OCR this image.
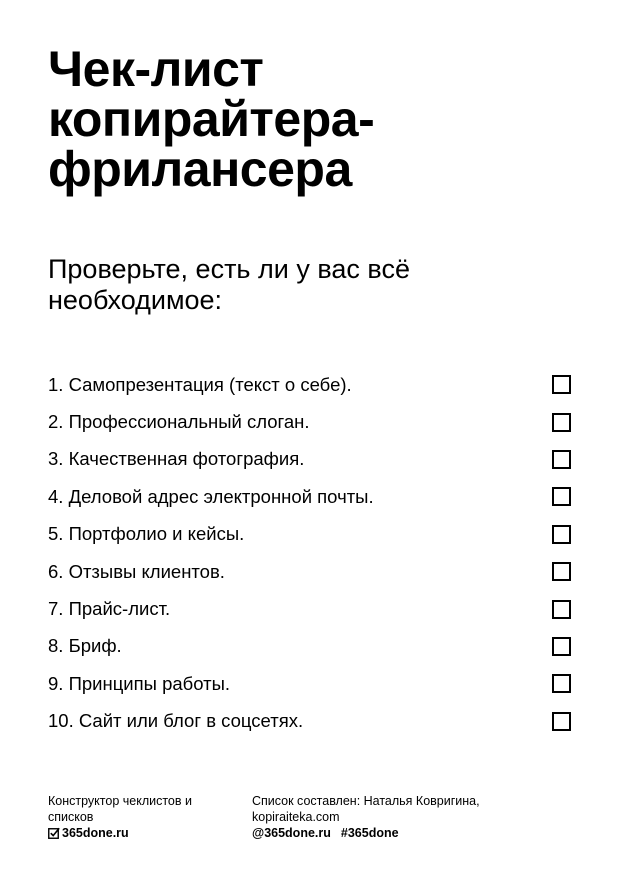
Чек-лист
копирайтера-
фрилансера
Проверьте, есть ли у вас всё
необходимое:
1. Самопрезентация (текст о себе).
2. Профессиональный слоган.
3. Качественная фотография.
4. Деловой адрес электронной почты.
5. Портфолио и кейсы.
6. Отзывы клиентов.
7. Прайс-лист.
8. Бриф.
9. Принципы работы.
10. Сайт или блог в соцсетях.
Конструктор чеклистов и списков
365done.ru
Список составлен: Наталья Ковригина,
kopiraiteka.com
@365done.ru #365done
